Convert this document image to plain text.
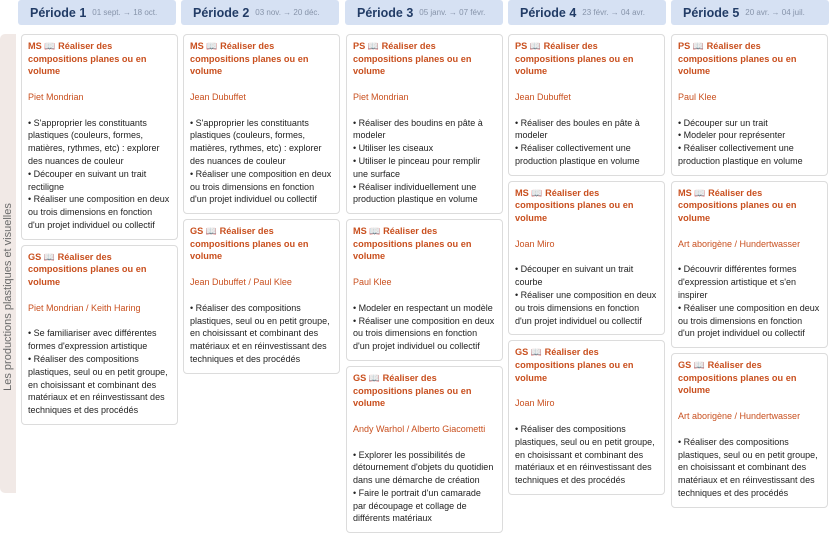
Les productions plastiques et visuelles
Période 1 01 sept. → 18 oct.
MS 📖 Réaliser des compositions planes ou en volume
Piet Mondrian
• S'approprier les constituants plastiques (couleurs, formes, matières, rythmes, etc) : explorer des nuances de couleur
• Découper en suivant un trait rectiligne
• Réaliser une composition en deux ou trois dimensions en fonction d'un projet individuel ou collectif
GS 📖 Réaliser des compositions planes ou en volume
Piet Mondrian / Keith Haring
• Se familiariser avec différentes formes d'expression artistique
• Réaliser des compositions plastiques, seul ou en petit groupe, en choisissant et combinant des matériaux et en réinvestissant des techniques et des procédés
Période 2 03 nov. → 20 déc.
MS 📖 Réaliser des compositions planes ou en volume
Jean Dubuffet
• S'approprier les constituants plastiques (couleurs, formes, matières, rythmes, etc) : explorer des nuances de couleur
• Réaliser une composition en deux ou trois dimensions en fonction d'un projet individuel ou collectif
GS 📖 Réaliser des compositions planes ou en volume
Jean Dubuffet / Paul Klee
• Réaliser des compositions plastiques, seul ou en petit groupe, en choisissant et combinant des matériaux et en réinvestissant des techniques et des procédés
Période 3 05 janv. → 07 févr.
PS 📖 Réaliser des compositions planes ou en volume
Piet Mondrian
• Réaliser des boudins en pâte à modeler
• Utiliser les ciseaux
• Utiliser le pinceau pour remplir une surface
• Réaliser individuellement une production plastique en volume
MS 📖 Réaliser des compositions planes ou en volume
Paul Klee
• Modeler en respectant un modèle
• Réaliser une composition en deux ou trois dimensions en fonction d'un projet individuel ou collectif
GS 📖 Réaliser des compositions planes ou en volume
Andy Warhol / Alberto Giacometti
• Explorer les possibilités de détournement d'objets du quotidien dans une démarche de création
• Faire le portrait d'un camarade par découpage et collage de différents matériaux
Période 4 23 févr. → 04 avr.
PS 📖 Réaliser des compositions planes ou en volume
Jean Dubuffet
• Réaliser des boules en pâte à modeler
• Réaliser collectivement une production plastique en volume
MS 📖 Réaliser des compositions planes ou en volume
Joan Miro
• Découper en suivant un trait courbe
• Réaliser une composition en deux ou trois dimensions en fonction d'un projet individuel ou collectif
GS 📖 Réaliser des compositions planes ou en volume
Joan Miro
• Réaliser des compositions plastiques, seul ou en petit groupe, en choisissant et combinant des matériaux et en réinvestissant des techniques et des procédés
Période 5 20 avr. → 04 juil.
PS 📖 Réaliser des compositions planes ou en volume
Paul Klee
• Découper sur un trait
• Modeler pour représenter
• Réaliser collectivement une production plastique en volume
MS 📖 Réaliser des compositions planes ou en volume
Art aborigène / Hundertwasser
• Découvrir différentes formes d'expression artistique et s'en inspirer
• Réaliser une composition en deux ou trois dimensions en fonction d'un projet individuel ou collectif
GS 📖 Réaliser des compositions planes ou en volume
Art aborigène / Hundertwasser
• Réaliser des compositions plastiques, seul ou en petit groupe, en choisissant et combinant des matériaux et en réinvestissant des techniques et des procédés
